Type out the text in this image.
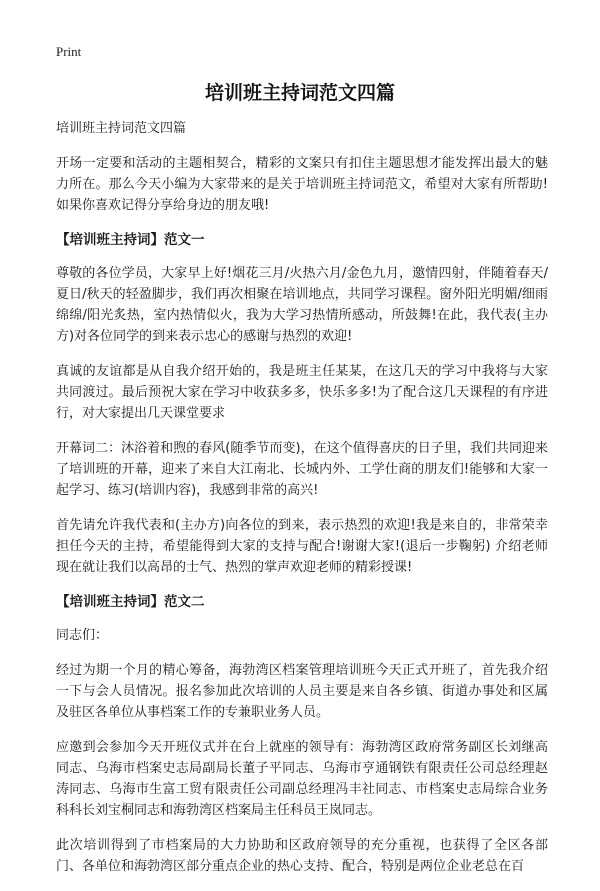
Print
培训班主持词范文四篇

培训班主持词范文四篇

开场一定要和活动的主题相契合，精彩的文案只有扣住主题思想才能发挥出最大的魅力所在。那么今天小编为大家带来的是关于培训班主持词范文，希望对大家有所帮助!如果你喜欢记得分享给身边的朋友哦!

【培训班主持词】范文一

尊敬的各位学员，大家早上好!烟花三月/火热六月/金色九月，邀情四射，伴随着春天/夏日/秋天的轻盈脚步，我们再次相聚在培训地点，共同学习课程。窗外阳光明媚/细雨绵绵/阳光炙热，室内热情似火，我为大学习热情所感动，所鼓舞!在此，我代表(主办方)对各位同学的到来表示忠心的感谢与热烈的欢迎!

真诚的友谊都是从自我介绍开始的，我是班主任某某，在这几天的学习中我将与大家共同渡过。最后预祝大家在学习中收获多多，快乐多多!为了配合这几天课程的有序进行，对大家提出几天课堂要求

开幕词二：沐浴着和煦的春风(随季节而变)，在这个值得喜庆的日子里，我们共同迎来了培训班的开幕，迎来了来自大江南北、长城内外、工学仕商的朋友们!能够和大家一起学习、练习(培训内容)，我感到非常的高兴!

首先请允许我代表和(主办方)向各位的到来，表示热烈的欢迎!我是来自的，非常荣幸担任今天的主持，希望能得到大家的支持与配合!谢谢大家!(退后一步鞠躬) 介绍老师现在就让我们以高昂的士气、热烈的掌声欢迎老师的精彩授课!

【培训班主持词】范文二

同志们：

经过为期一个月的精心筹备，海勃湾区档案管理培训班今天正式开班了，首先我介绍一下与会人员情况。报名参加此次培训的人员主要是来自各乡镇、街道办事处和区属及驻区各单位从事档案工作的专兼职业务人员。

应邀到会参加今天开班仪式并在台上就座的领导有：海勃湾区政府常务副区长刘继高同志、乌海市档案史志局副局长董子平同志、乌海市亨通钢铁有限责任公司总经理赵涛同志、乌海市生富工贸有限责任公司副总经理冯丰社同志、市档案史志局综合业务科科长刘宝桐同志和海勃湾区档案局主任科员王岚同志。

此次培训得到了市档案局的大力协助和区政府领导的充分重视，也获得了全区各部门、各单位和海勃湾区部分重点企业的热心支持、配合，特别是两位企业老总在百
